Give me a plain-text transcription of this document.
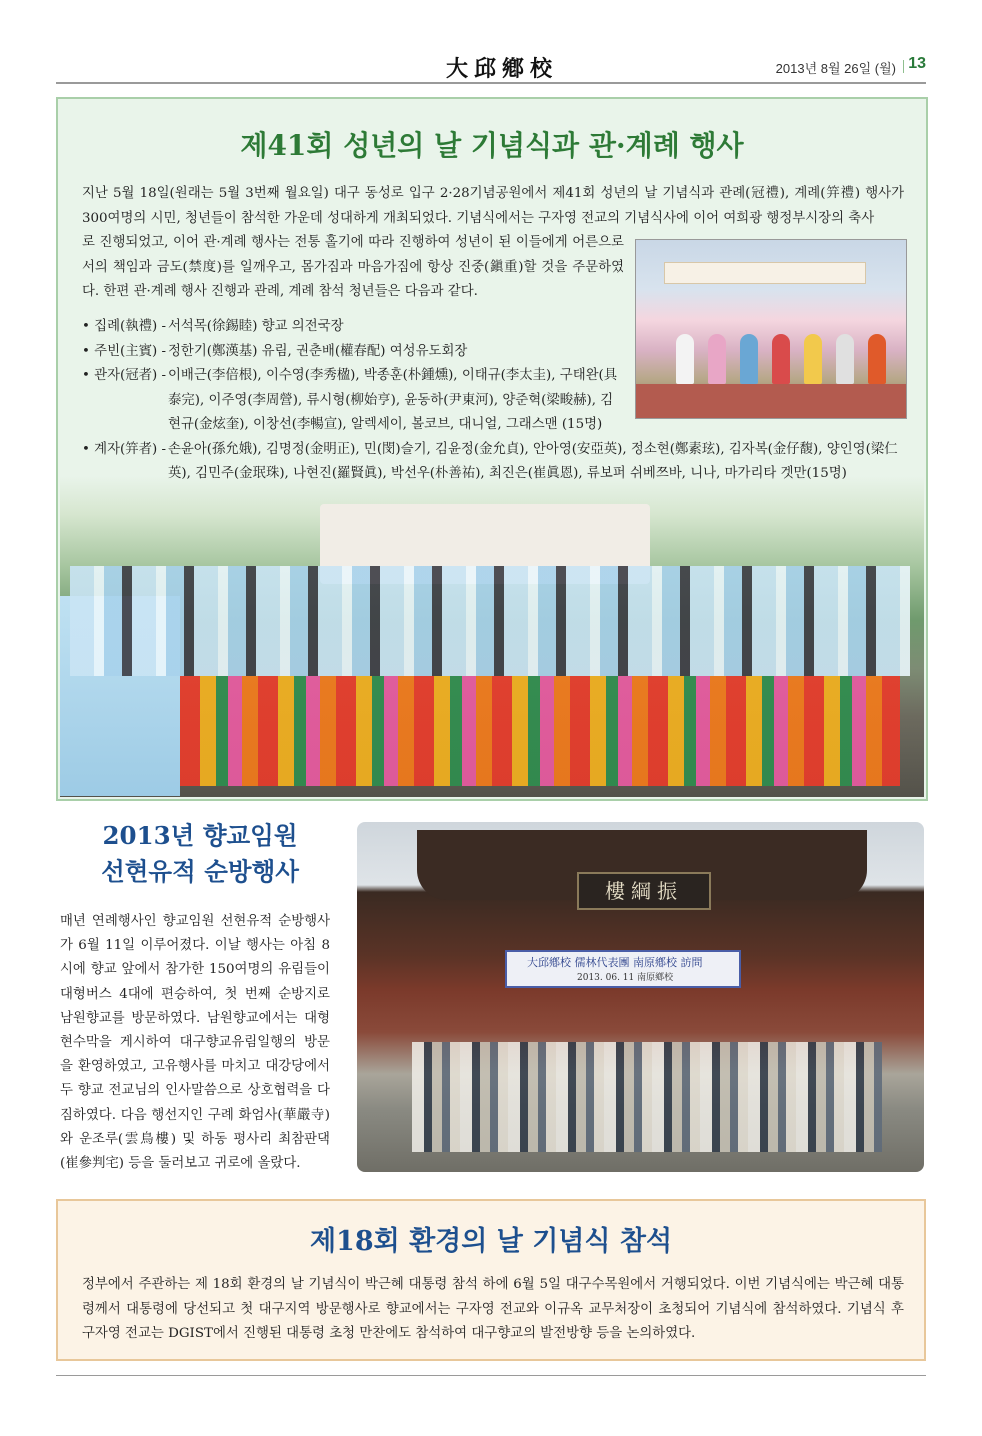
大邱鄕校	2013년 8월 26일 (월) 13
제41회 성년의 날 기념식과 관·계례 행사
지난 5월 18일(원래는 5월 3번째 월요일) 대구 동성로 입구 2·28기념공원에서 제41회 성년의 날 기념식과 관례(冠禮), 계례(笄禮) 행사가 300여명의 시민, 청년들이 참석한 가운데 성대하게 개최되었다. 기념식에서는 구자영 전교의 기념식사에 이어 여희광 행정부시장의 축사
로 진행되었고, 이어 관·계례 행사는 전통 홀기에 따라 진행하여 성년이 된 이들에게 어른으로서의 책임과 금도(禁度)를 일깨우고, 몸가짐과 마음가짐에 항상 진중(鎭重)할 것을 주문하였다. 한편 관·계례 행사 진행과 관례, 계례 참석 청년들은 다음과 같다.
• 집례(執禮) - 서석목(徐錫睦) 향교 의전국장
• 주빈(主賓) - 정한기(鄭漢基) 유림, 권춘배(權春配) 여성유도회장
• 관자(冠者) - 이배근(李倍根), 이수영(李秀楹), 박종훈(朴鍾燻), 이태규(李太圭), 구태완(具泰完), 이주영(李周營), 류시형(柳始亨), 윤동하(尹東河), 양준혁(梁畯赫), 김현규(金炫奎), 이창선(李暢宣), 알렉세이, 볼코브, 대니얼, 그래스맨 (15명)
• 계자(笄者) - 손윤아(孫允娥), 김명정(金明正), 민(閔)슬기, 김윤정(金允貞), 안아영(安亞英), 정소현(鄭素玹), 김자복(金仔馥), 양인영(梁仁英), 김민주(金珉珠), 나현진(羅賢眞), 박선우(朴善祐), 최진은(崔眞恩), 류보퍼 쉬베쯔바, 니나, 마가리타 겟만(15명)
2013년 향교임원
선현유적 순방행사
매년 연례행사인 향교임원 선현유적 순방행사가 6월 11일 이루어졌다. 이날 행사는 아침 8시에 향교 앞에서 참가한 150여명의 유림들이 대형버스 4대에 편승하여, 첫 번째 순방지로 남원향교를 방문하였다. 남원향교에서는 대형 현수막을 게시하여 대구향교유림일행의 방문을 환영하였고, 고유행사를 마치고 대강당에서 두 향교 전교님의 인사말씀으로 상호협력을 다짐하였다. 다음 행선지인 구례 화엄사(華嚴寺)와 운조루(雲鳥樓) 및 하동 평사리 최참판댁(崔參判宅) 등을 둘러보고 귀로에 올랐다.
樓綱振
大邱鄕校 儒林代表團 南原鄕校 訪問
2013. 06. 11 南原鄕校
제18회 환경의 날 기념식 참석
정부에서 주관하는 제 18회 환경의 날 기념식이 박근혜 대통령 참석 하에 6월 5일 대구수목원에서 거행되었다. 이번 기념식에는 박근혜 대통령께서 대통령에 당선되고 첫 대구지역 방문행사로 향교에서는 구자영 전교와 이규옥 교무처장이 초청되어 기념식에 참석하였다. 기념식 후 구자영 전교는 DGIST에서 진행된 대통령 초청 만찬에도 참석하여 대구향교의 발전방향 등을 논의하였다.
